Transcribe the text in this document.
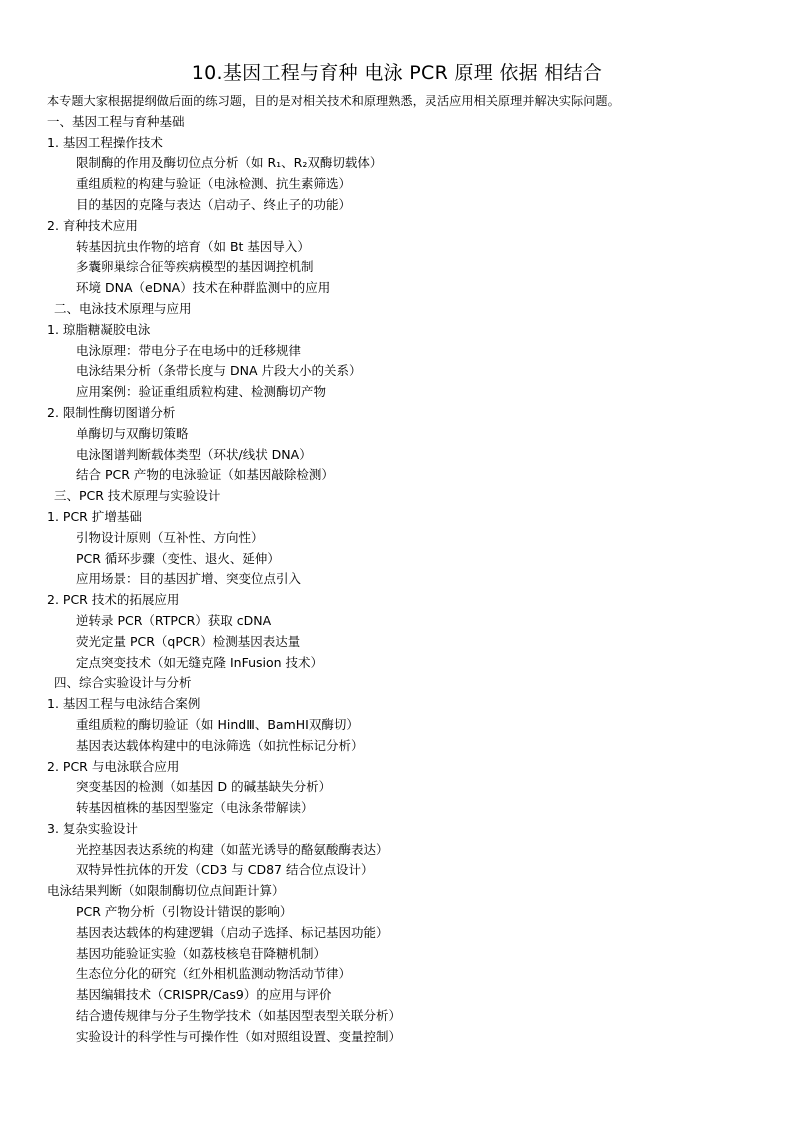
10.基因工程与育种 电泳 PCR 原理 依据 相结合
本专题大家根据提纲做后面的练习题，目的是对相关技术和原理熟悉，灵活应用相关原理并解决实际问题。
一、基因工程与育种基础
1. 基因工程操作技术
限制酶的作用及酶切位点分析（如 R₁、R₂双酶切载体）
重组质粒的构建与验证（电泳检测、抗生素筛选）
目的基因的克隆与表达（启动子、终止子的功能）
2. 育种技术应用
转基因抗虫作物的培育（如 Bt 基因导入）
多囊卵巢综合征等疾病模型的基因调控机制
环境 DNA（eDNA）技术在种群监测中的应用
二、电泳技术原理与应用
1. 琼脂糖凝胶电泳
电泳原理：带电分子在电场中的迁移规律
电泳结果分析（条带长度与 DNA 片段大小的关系）
应用案例：验证重组质粒构建、检测酶切产物
2. 限制性酶切图谱分析
单酶切与双酶切策略
电泳图谱判断载体类型（环状/线状 DNA）
结合 PCR 产物的电泳验证（如基因敲除检测）
三、PCR 技术原理与实验设计
1. PCR 扩增基础
引物设计原则（互补性、方向性）
PCR 循环步骤（变性、退火、延伸）
应用场景：目的基因扩增、突变位点引入
2. PCR 技术的拓展应用
逆转录 PCR（RTPCR）获取 cDNA
荧光定量 PCR（qPCR）检测基因表达量
定点突变技术（如无缝克隆 InFusion 技术）
四、综合实验设计与分析
1. 基因工程与电泳结合案例
重组质粒的酶切验证（如 HindⅢ、BamHⅠ双酶切）
基因表达载体构建中的电泳筛选（如抗性标记分析）
2. PCR 与电泳联合应用
突变基因的检测（如基因 D 的碱基缺失分析）
转基因植株的基因型鉴定（电泳条带解读）
3. 复杂实验设计
光控基因表达系统的构建（如蓝光诱导的酪氨酸酶表达）
双特异性抗体的开发（CD3 与 CD87 结合位点设计）
电泳结果判断（如限制酶切位点间距计算）
PCR 产物分析（引物设计错误的影响）
基因表达载体的构建逻辑（启动子选择、标记基因功能）
基因功能验证实验（如荔枝核皂苷降糖机制）
生态位分化的研究（红外相机监测动物活动节律）
基因编辑技术（CRISPR/Cas9）的应用与评价
结合遗传规律与分子生物学技术（如基因型表型关联分析）
实验设计的科学性与可操作性（如对照组设置、变量控制）
